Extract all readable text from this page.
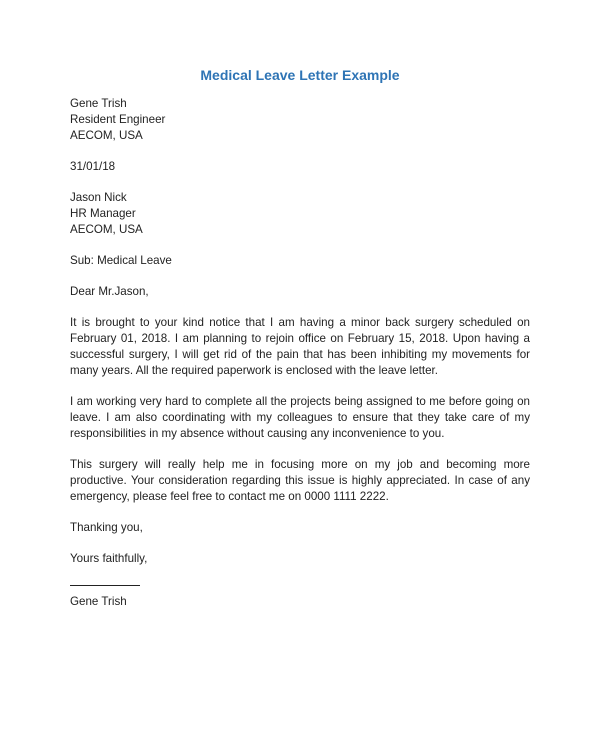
Medical Leave Letter Example
Gene Trish
Resident Engineer
AECOM, USA
31/01/18
Jason Nick
HR Manager
AECOM, USA
Sub: Medical Leave
Dear Mr.Jason,
It is brought to your kind notice that I am having a minor back surgery scheduled on February 01, 2018. I am planning to rejoin office on February 15, 2018. Upon having a successful surgery, I will get rid of the pain that has been inhibiting my movements for many years. All the required paperwork is enclosed with the leave letter.
I am working very hard to complete all the projects being assigned to me before going on leave. I am also coordinating with my colleagues to ensure that they take care of my responsibilities in my absence without causing any inconvenience to you.
This surgery will really help me in focusing more on my job and becoming more productive. Your consideration regarding this issue is highly appreciated. In case of any emergency, please feel free to contact me on 0000 1111 2222.
Thanking you,
Yours faithfully,
Gene Trish
